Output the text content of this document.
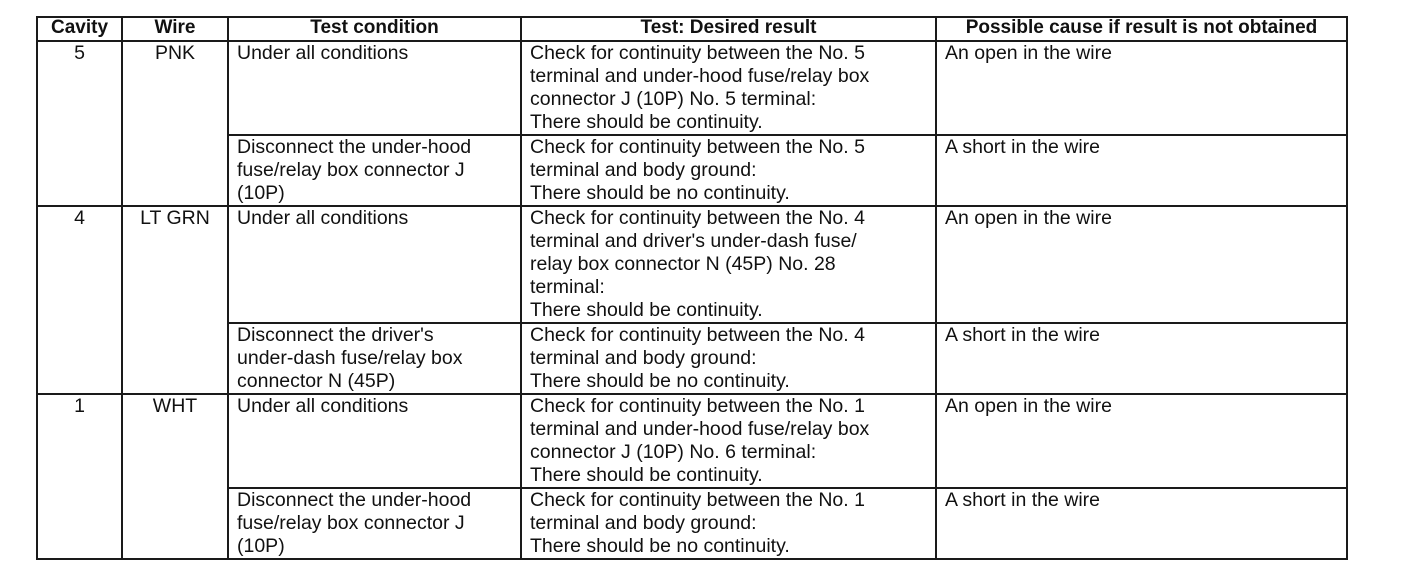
Cavity	Wire	Test condition	Test: Desired result	Possible cause if result is not obtained
5	PNK	Under all conditions	Check for continuity between the No. 5
terminal and under-hood fuse/relay box
connector J (10P) No. 5 terminal:
There should be continuity.	An open in the wire

		Disconnect the under-hood
fuse/relay box connector J
(10P)	Check for continuity between the No. 5
terminal and body ground:
There should be no continuity.	A short in the wire
4	LT GRN	Under all conditions	Check for continuity between the No. 4
terminal and driver's under-dash fuse/
relay box connector N (45P) No. 28
terminal:
There should be continuity.	An open in the wire

		Disconnect the driver's
under-dash fuse/relay box
connector N (45P)	Check for continuity between the No. 4
terminal and body ground:
There should be no continuity.	A short in the wire
1	WHT	Under all conditions	Check for continuity between the No. 1
terminal and under-hood fuse/relay box
connector J (10P) No. 6 terminal:
There should be continuity.	An open in the wire

		Disconnect the under-hood
fuse/relay box connector J
(10P)	Check for continuity between the No. 1
terminal and body ground:
There should be no continuity.	A short in the wire
